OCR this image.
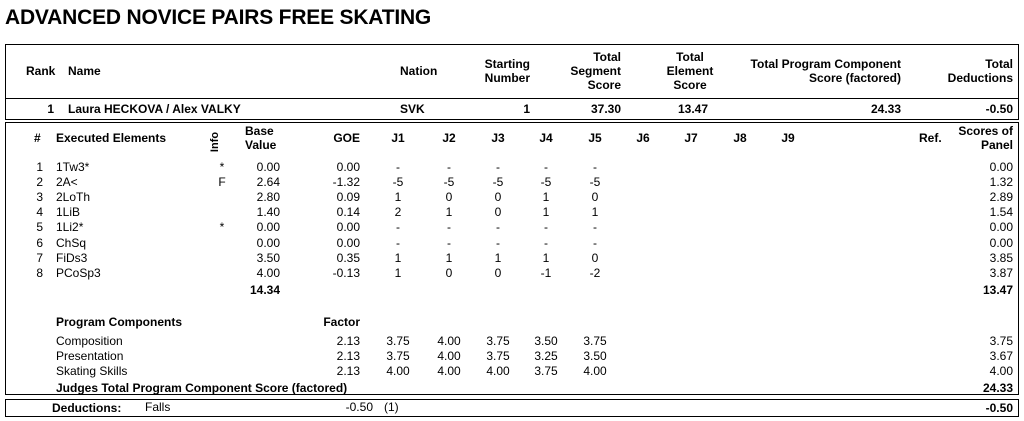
ADVANCED NOVICE PAIRS FREE SKATING
Rank Name	Nation	Starting
Number
Total
Segment
Score
Total
Element
Score
Total Program Component
Score (factored)
Total
Deductions
1 Laura HECKOVA / Alex VALKY	SVK	1	37.30	13.47	24.33	-0.50
# Executed Elements	Info
Base
Value	GOE	J1	J2	J3	J4	J5	J6	J7	J8	J9	Ref.	Scores of
Panel
1 1Tw3*	*	0.00	0.00	-	-	-	-	-	0.00
2 2A<	F	2.64	-1.32	-5	-5	-5	-5	-5	1.32
3 2LoTh	2.80	0.09	1	0	0	1	0	2.89
4 1LiB	1.40	0.14	2	1	0	1	1	1.54
5 1Li2*	*	0.00	0.00	-	-	-	-	-	0.00
6 ChSq	0.00	0.00	-	-	-	-	-	0.00
7 FiDs3	3.50	0.35	1	1	1	1	0	3.85
8 PCoSp3	4.00	-0.13	1	0	0	-1	-2	3.87
14.34	13.47
Program Components	Factor
Composition	2.13	3.75	4.00	3.75	3.50	3.75	3.75
Presentation	2.13	3.75	4.00	3.75	3.25	3.50	3.67
Skating Skills	2.13	4.00	4.00	4.00	3.75	4.00	4.00
Judges Total Program Component Score (factored)	24.33
Deductions: Falls	-0.50 (1)	-0.50
